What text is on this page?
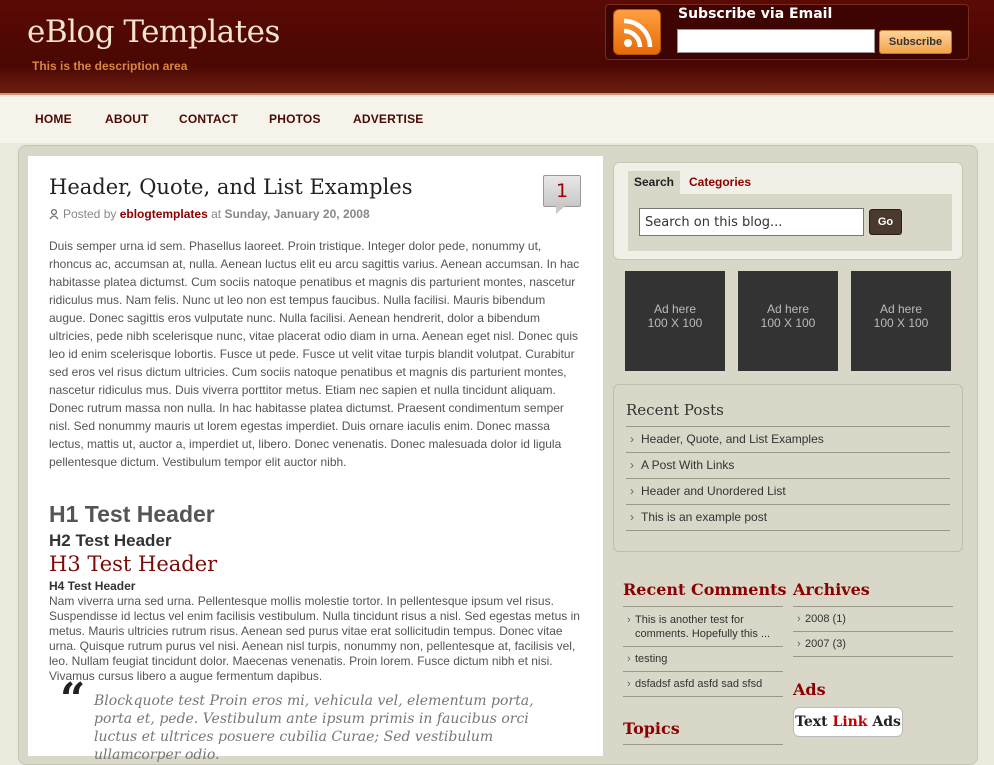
eBlog Templates
This is the description area
Subscribe via Email
Subscribe
HOME	ABOUT	CONTACT	PHOTOS	ADVERTISE
Header, Quote, and List Examples	1
Posted by eblogtemplates at Sunday, January 20, 2008
Duis semper urna id sem. Phasellus laoreet. Proin tristique. Integer dolor pede, nonummy ut, rhoncus ac, accumsan at, nulla. Aenean luctus elit eu arcu sagittis varius. Aenean accumsan. In hac habitasse platea dictumst. Cum sociis natoque penatibus et magnis dis parturient montes, nascetur ridiculus mus. Nam felis. Nunc ut leo non est tempus faucibus. Nulla facilisi. Mauris bibendum augue. Donec sagittis eros vulputate nunc. Nulla facilisi. Aenean hendrerit, dolor a bibendum ultricies, pede nibh scelerisque nunc, vitae placerat odio diam in urna. Aenean eget nisl. Donec quis leo id enim scelerisque lobortis. Fusce ut pede. Fusce ut velit vitae turpis blandit volutpat. Curabitur sed eros vel risus dictum ultricies. Cum sociis natoque penatibus et magnis dis parturient montes, nascetur ridiculus mus. Duis viverra porttitor metus. Etiam nec sapien et nulla tincidunt aliquam. Donec rutrum massa non nulla. In hac habitasse platea dictumst. Praesent condimentum semper nisl. Sed nonummy mauris ut lorem egestas imperdiet. Duis ornare iaculis enim. Donec massa lectus, mattis ut, auctor a, imperdiet ut, libero. Donec venenatis. Donec malesuada dolor id ligula pellentesque dictum. Vestibulum tempor elit auctor nibh.
H1 Test Header
H2 Test Header
H3 Test Header
H4 Test Header
Nam viverra urna sed urna. Pellentesque mollis molestie tortor. In pellentesque ipsum vel risus. Suspendisse id lectus vel enim facilisis vestibulum. Nulla tincidunt risus a nisl. Sed egestas metus in metus. Mauris ultricies rutrum risus. Aenean sed purus vitae erat sollicitudin tempus. Donec vitae urna. Quisque rutrum purus vel nisi. Aenean nisl turpis, nonummy non, pellentesque at, facilisis vel, leo. Nullam feugiat tincidunt dolor. Maecenas venenatis. Proin lorem. Fusce dictum nibh et nisi. Vivamus cursus libero a augue fermentum dapibus.
“ Blockquote test Proin eros mi, vehicula vel, elementum porta, porta et, pede. Vestibulum ante ipsum primis in faucibus orci luctus et ultrices posuere cubilia Curae; Sed vestibulum ullamcorper odio.
Search	Categories
Search on this blog...	Go
Ad here
100 X 100
Ad here
100 X 100
Ad here
100 X 100
Recent Posts
› Header, Quote, and List Examples
› A Post With Links
› Header and Unordered List
› This is an example post
Recent Comments
› This is another test for comments. Hopefully this ...
› testing
› dsfadsf asfd asfd sad sfsd
Archives
› 2008 (1)
› 2007 (3)
Ads
Text Link Ads
Topics
